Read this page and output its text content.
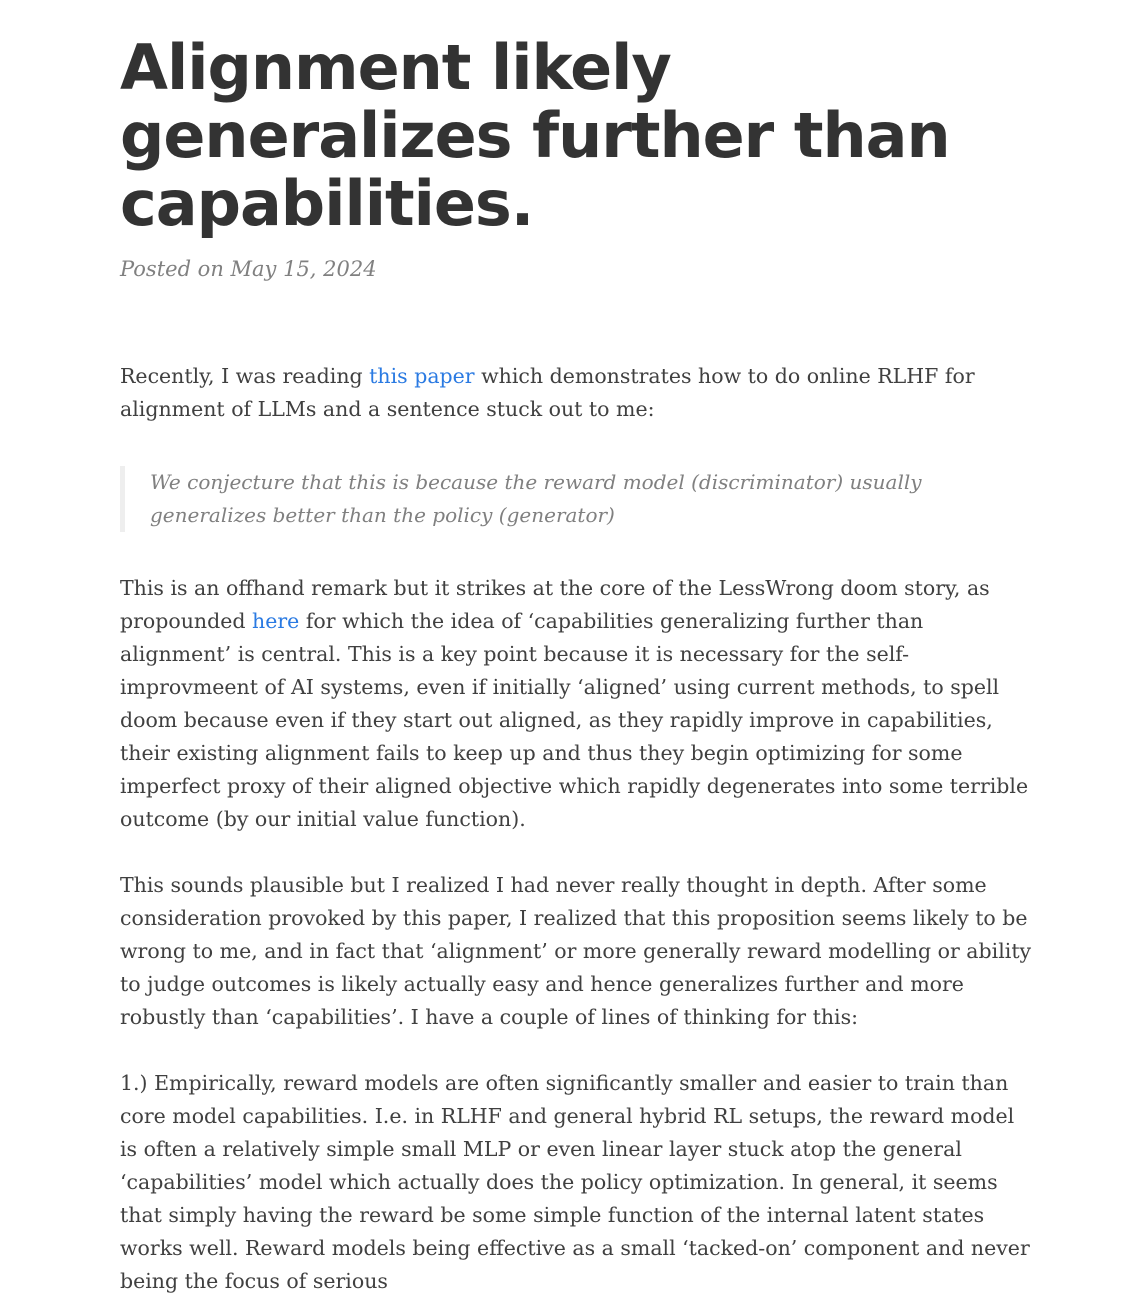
Alignment likely generalizes further than capabilities.
Posted on May 15, 2024

Recently, I was reading this paper which demonstrates how to do online RLHF for alignment of LLMs and a sentence stuck out to me:

We conjecture that this is because the reward model (discriminator) usually generalizes better than the policy (generator)

This is an offhand remark but it strikes at the core of the LessWrong doom story, as propounded here for which the idea of ‘capabilities generalizing further than alignment’ is central. This is a key point because it is necessary for the self-improvmeent of AI systems, even if initially ‘aligned’ using current methods, to spell doom because even if they start out aligned, as they rapidly improve in capabilities, their existing alignment fails to keep up and thus they begin optimizing for some imperfect proxy of their aligned objective which rapidly degenerates into some terrible outcome (by our initial value function).

This sounds plausible but I realized I had never really thought in depth. After some consideration provoked by this paper, I realized that this proposition seems likely to be wrong to me, and in fact that ‘alignment’ or more generally reward modelling or ability to judge outcomes is likely actually easy and hence generalizes further and more robustly than ‘capabilities’. I have a couple of lines of thinking for this:

1.) Empirically, reward models are often significantly smaller and easier to train than core model capabilities. I.e. in RLHF and general hybrid RL setups, the reward model is often a relatively simple small MLP or even linear layer stuck atop the general ‘capabilities’ model which actually does the policy optimization. In general, it seems that simply having the reward be some simple function of the internal latent states works well. Reward models being effective as a small ‘tacked-on’ component and never being the focus of serious
